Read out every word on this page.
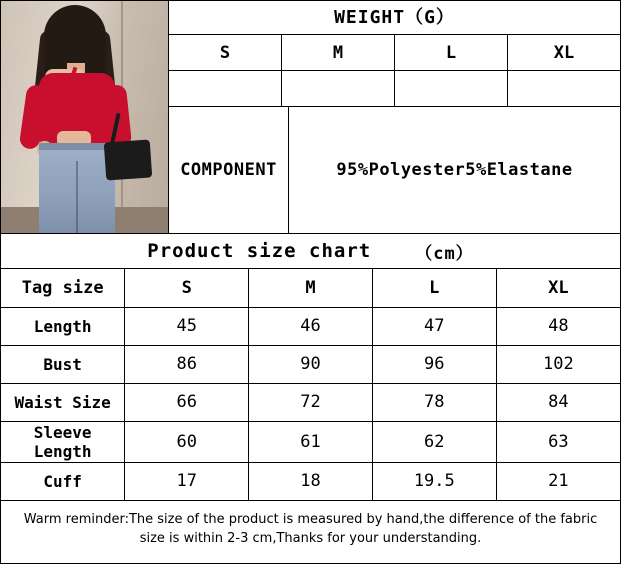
WEIGHT（G）
S	M	L	XL
COMPONENT	95%Polyester5%Elastane
Product size chart	（cm）
Tag size	S	M	L	XL
Length	45	46	47	48
Bust	86	90	96	102
Waist Size	66	72	78	84
Sleeve Length	60	61	62	63
Cuff	17	18	19.5	21
Warm reminder:The size of the product is measured by hand,the difference of the fabric
size is within 2-3 cm,Thanks for your understanding.
